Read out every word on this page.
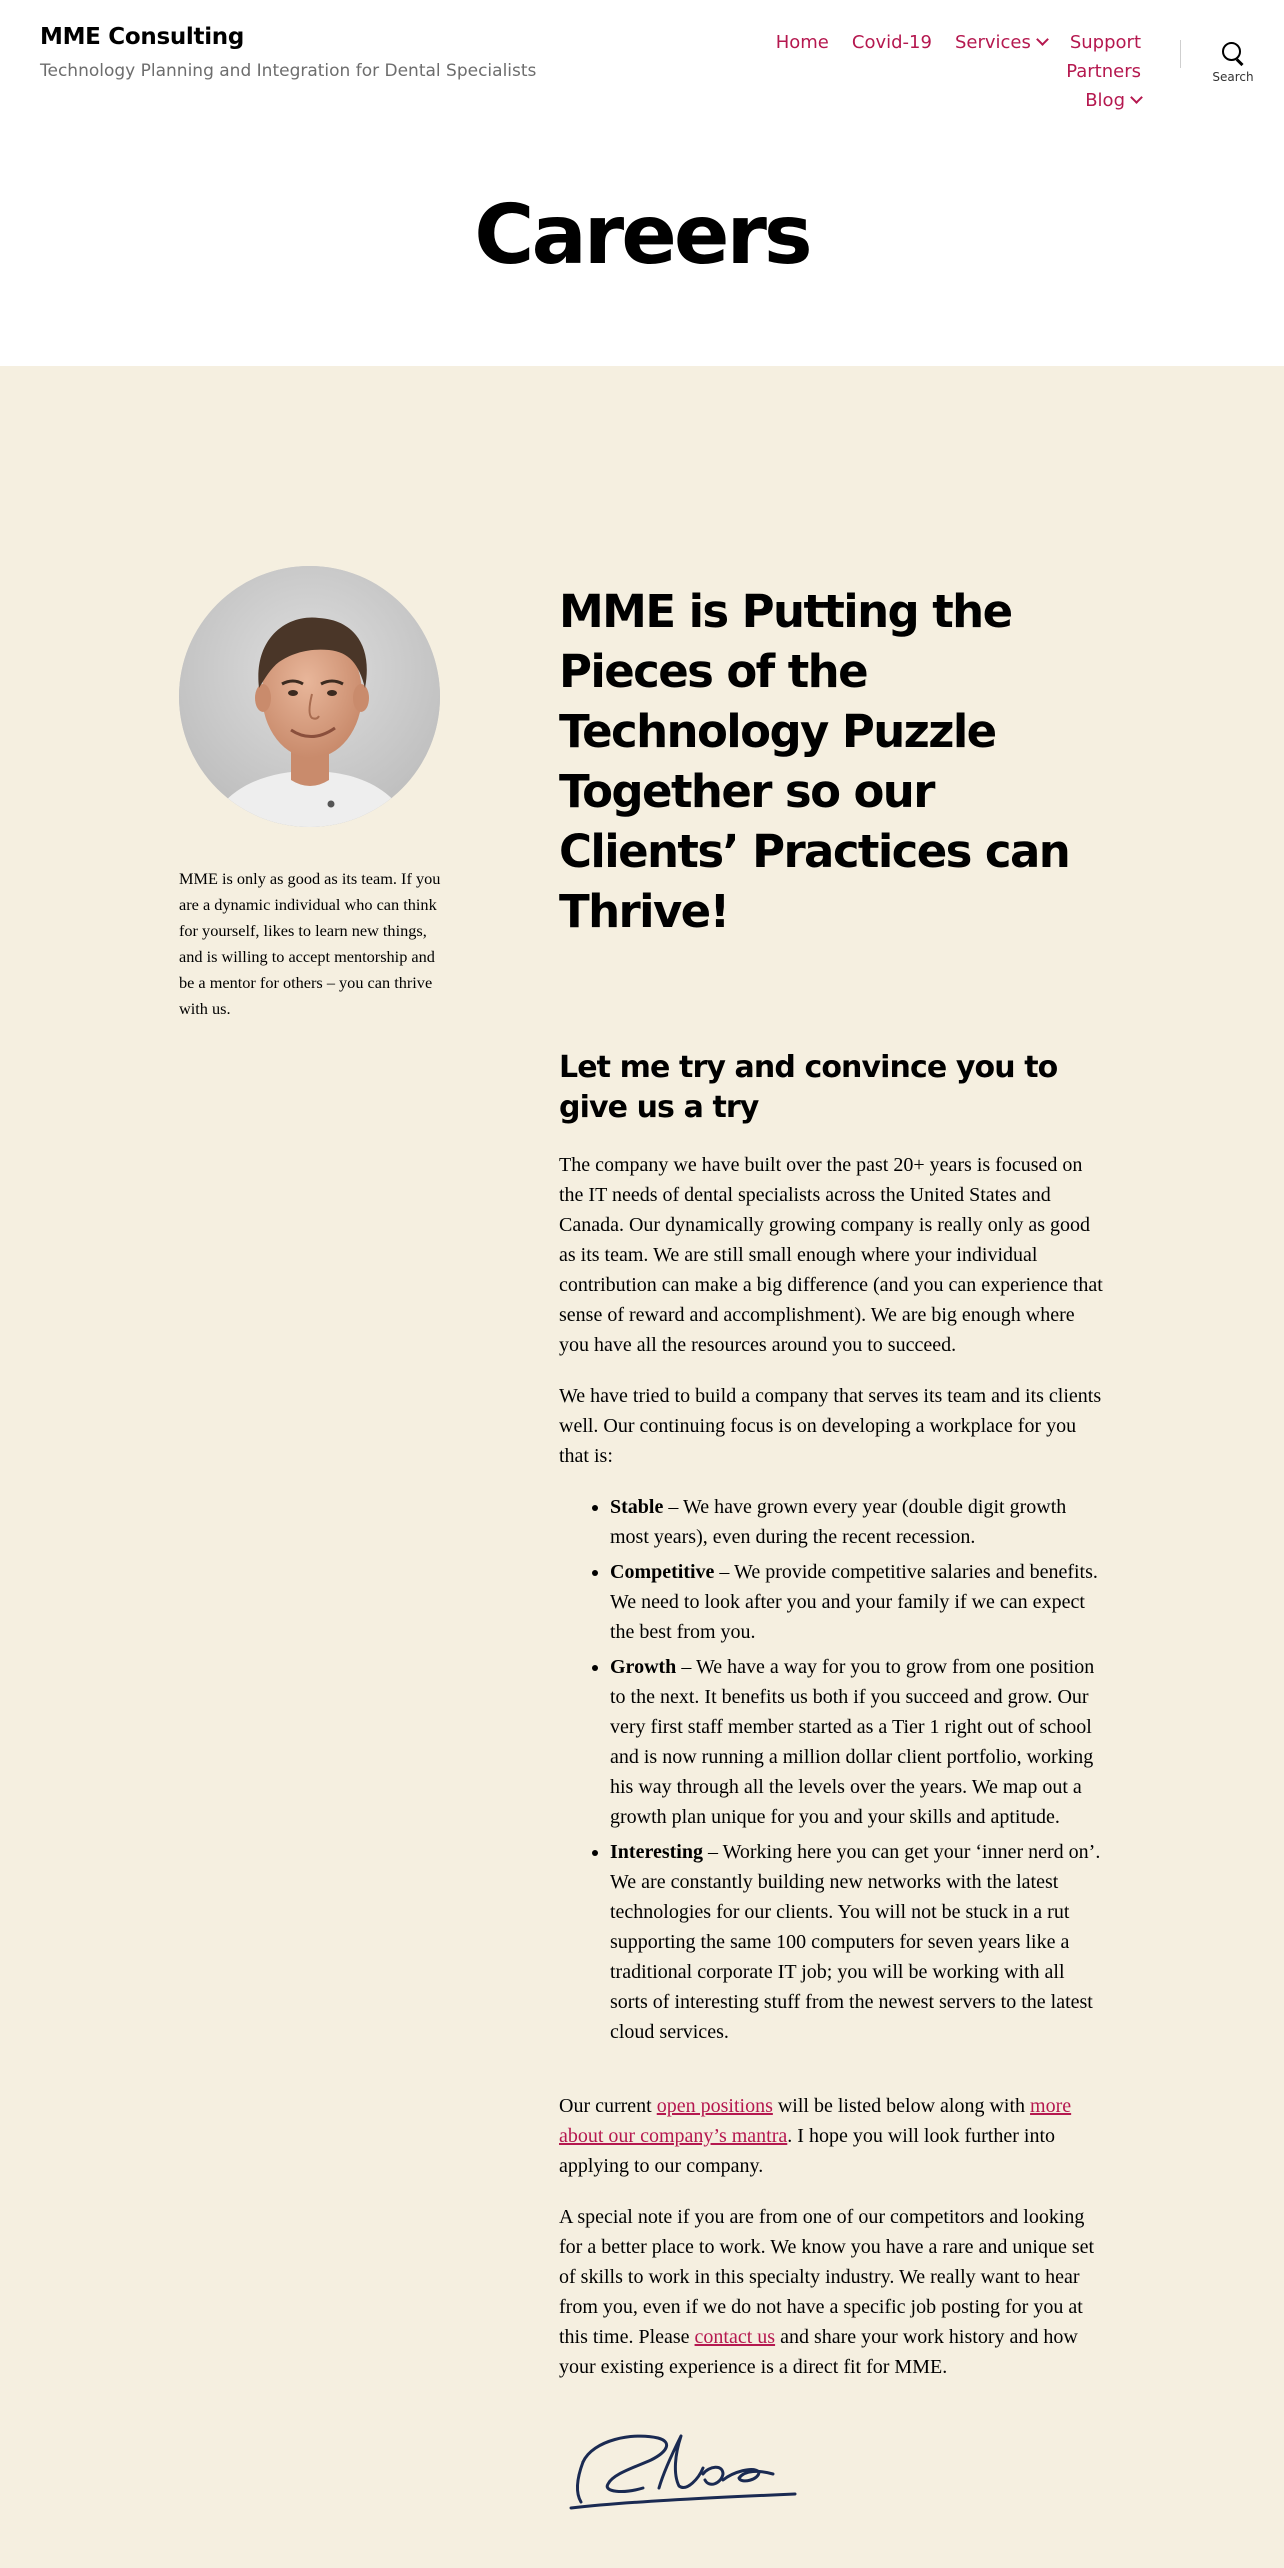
MME Consulting
Technology Planning and Integration for Dental Specialists
Home Covid-19 Services SupportPartners
Blog
Search
Careers

MME is only as good as its team. If you are a dynamic individual who can think for yourself, likes to learn new things, and is willing to accept mentorship and be a mentor for others – you can thrive with us.

MME is Putting the Pieces of the Technology Puzzle Together so our Clients’ Practices can Thrive!
Let me try and convince you to give us a try

The company we have built over the past 20+ years is focused on the IT needs of dental specialists across the United States and Canada. Our dynamically growing company is really only as good as its team. We are still small enough where your individual contribution can make a big difference (and you can experience that sense of reward and accomplishment). We are big enough where you have all the resources around you to succeed.

We have tried to build a company that serves its team and its clients well. Our continuing focus is on developing a workplace for you that is:

• Stable – We have grown every year (double digit growth most years), even during the recent recession.
• Competitive – We provide competitive salaries and benefits. We need to look after you and your family if we can expect the best from you.
• Growth – We have a way for you to grow from one position to the next. It benefits us both if you succeed and grow. Our very first staff member started as a Tier 1 right out of school and is now running a million dollar client portfolio, working his way through all the levels over the years. We map out a growth plan unique for you and your skills and aptitude.
• Interesting – Working here you can get your ‘inner nerd on’. We are constantly building new networks with the latest technologies for our clients. You will not be stuck in a rut supporting the same 100 computers for seven years like a traditional corporate IT job; you will be working with all sorts of interesting stuff from the newest servers to the latest cloud services.

Our current open positions will be listed below along with more about our company’s mantra. I hope you will look further into applying to our company.

A special note if you are from one of our competitors and looking for a better place to work. We know you have a rare and unique set of skills to work in this specialty industry. We really want to hear from you, even if we do not have a specific job posting for you at this time. Please contact us and share your work history and how your existing experience is a direct fit for MME.
